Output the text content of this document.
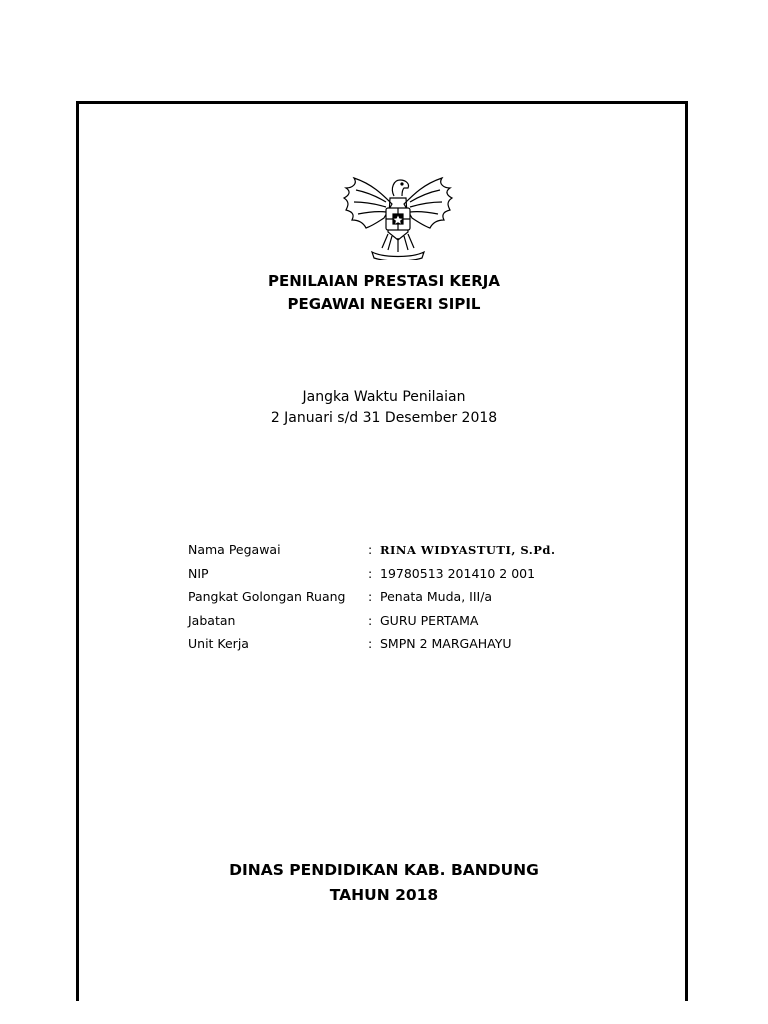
PENILAIAN PRESTASI KERJA
PEGAWAI NEGERI SIPIL
Jangka Waktu Penilaian
2 Januari s/d 31 Desember 2018
Nama Pegawai	: RINA WIDYASTUTI, S.Pd.
NIP	: 19780513 201410 2 001
Pangkat Golongan Ruang	: Penata Muda, III/a
Jabatan	: GURU PERTAMA
Unit Kerja	: SMPN 2 MARGAHAYU
DINAS PENDIDIKAN KAB. BANDUNG
TAHUN 2018
